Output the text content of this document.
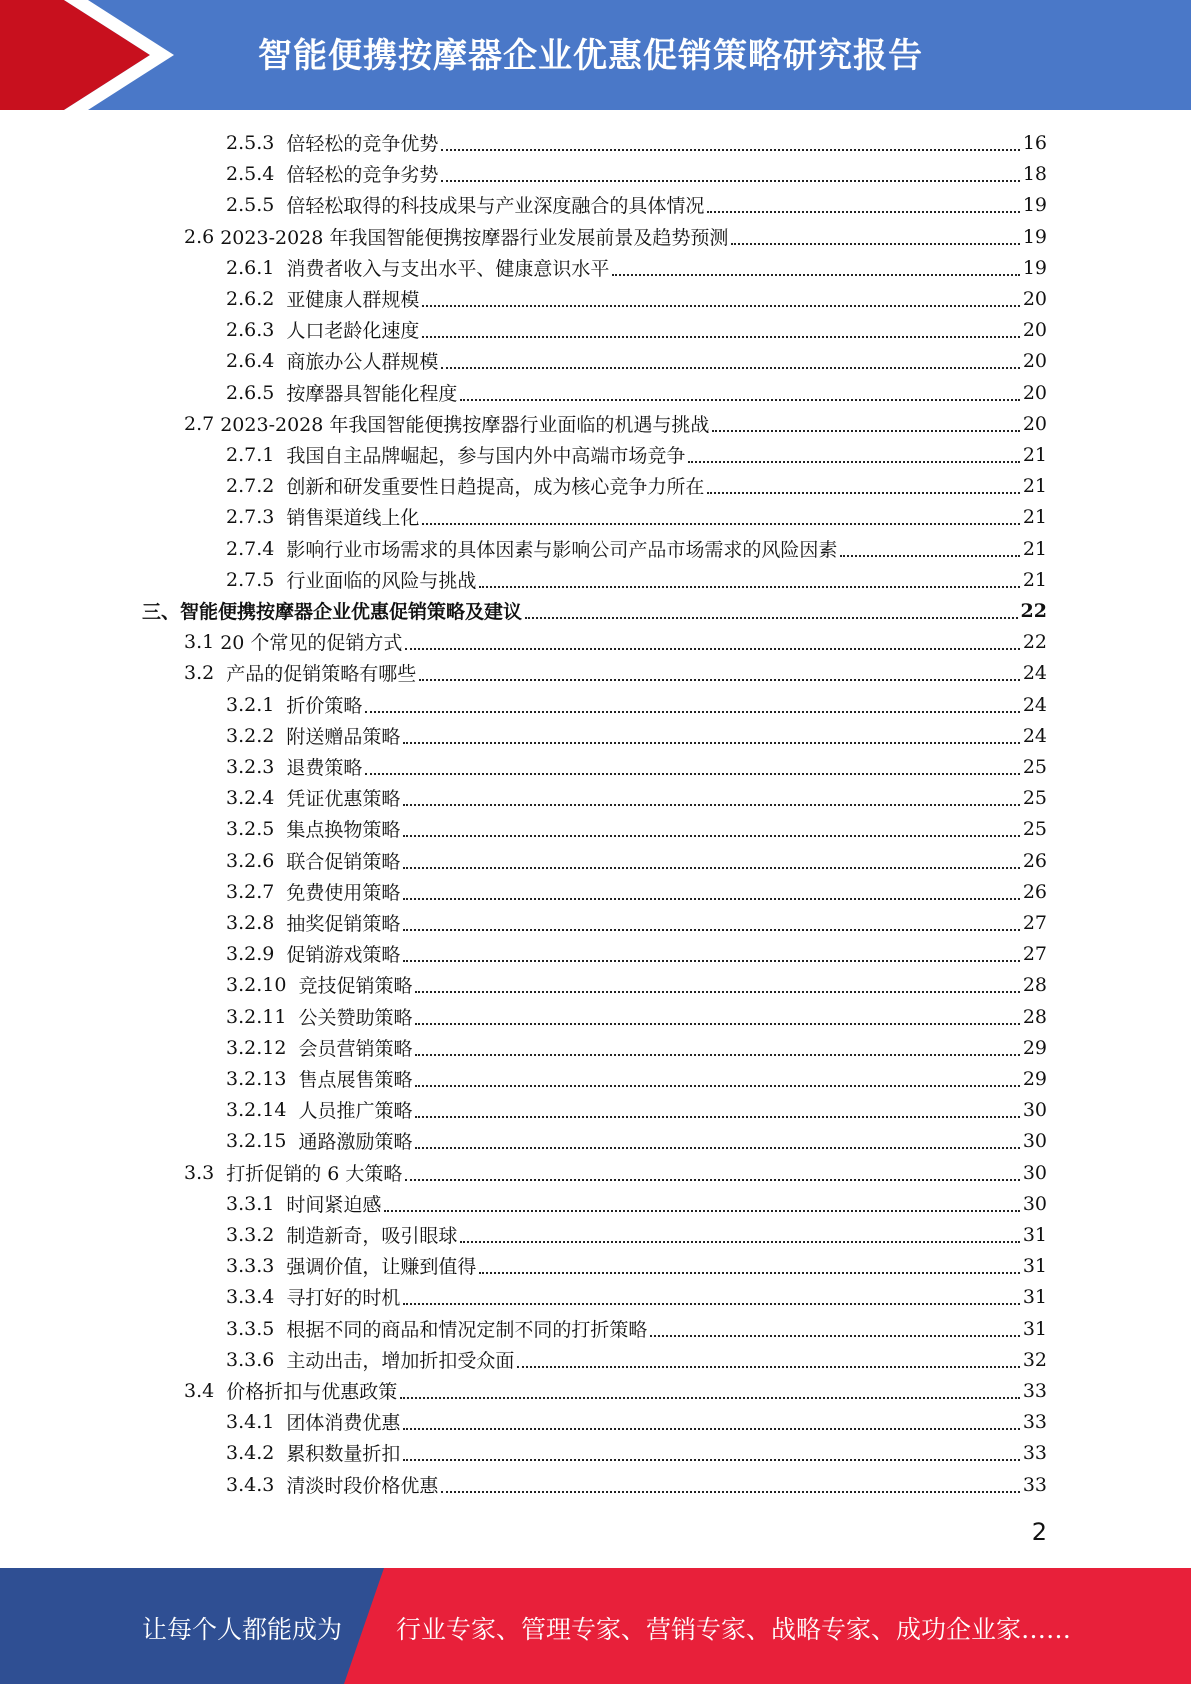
智能便携按摩器企业优惠促销策略研究报告
2.5.3 倍轻松的竞争优势	16
2.5.4 倍轻松的竞争劣势	18
2.5.5 倍轻松取得的科技成果与产业深度融合的具体情况	19
2.6 2023-2028 年我国智能便携按摩器行业发展前景及趋势预测	19
2.6.1 消费者收入与支出水平、健康意识水平	19
2.6.2 亚健康人群规模	20
2.6.3 人口老龄化速度	20
2.6.4 商旅办公人群规模	20
2.6.5 按摩器具智能化程度	20
2.7 2023-2028 年我国智能便携按摩器行业面临的机遇与挑战	20
2.7.1 我国自主品牌崛起，参与国内外中高端市场竞争	21
2.7.2 创新和研发重要性日趋提高，成为核心竞争力所在	21
2.7.3 销售渠道线上化	21
2.7.4 影响行业市场需求的具体因素与影响公司产品市场需求的风险因素	21
2.7.5 行业面临的风险与挑战	21
三、 智能便携按摩器企业优惠促销策略及建议	22
3.1 20 个常见的促销方式	22
3.2 产品的促销策略有哪些	24
3.2.1 折价策略	24
3.2.2 附送赠品策略	24
3.2.3 退费策略	25
3.2.4 凭证优惠策略	25
3.2.5 集点换物策略	25
3.2.6 联合促销策略	26
3.2.7 免费使用策略	26
3.2.8 抽奖促销策略	27
3.2.9 促销游戏策略	27
3.2.10 竞技促销策略	28
3.2.11 公关赞助策略	28
3.2.12 会员营销策略	29
3.2.13 售点展售策略	29
3.2.14 人员推广策略	30
3.2.15 通路激励策略	30
3.3 打折促销的 6 大策略	30
3.3.1 时间紧迫感	30
3.3.2 制造新奇，吸引眼球	31
3.3.3 强调价值，让赚到值得	31
3.3.4 寻打好的时机	31
3.3.5 根据不同的商品和情况定制不同的打折策略	31
3.3.6 主动出击，增加折扣受众面	32
3.4 价格折扣与优惠政策	33
3.4.1 团体消费优惠	33
3.4.2 累积数量折扣	33
3.4.3 清淡时段价格优惠	33
2
让每个人都能成为 行业专家、管理专家、营销专家、战略专家、成功企业家……
